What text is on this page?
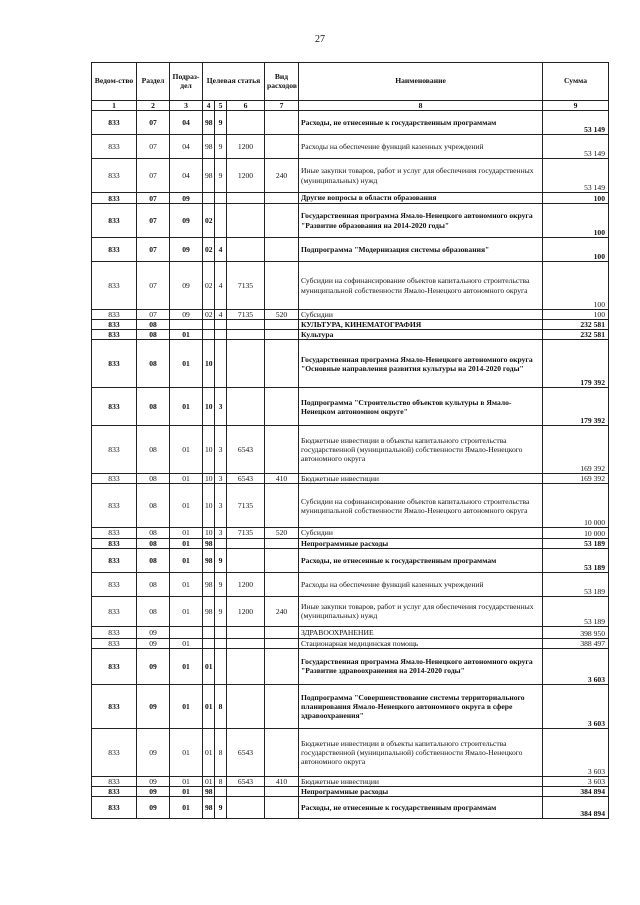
27
Ведом-ство	Раздел	Подраз-дел	Целевая статья			Вид расходов	Наименование	Сумма
1	2	3	4	5	6	7	8	9
833	07	04	98	9			Расходы, не отнесенные к государственным программам	53 149
833	07	04	98	9	1200		Расходы на обеспечение функций казенных учреждений	53 149
833	07	04	98	9	1200	240	Иные закупки товаров, работ и услуг для обеспечения государственных (муниципальных) нужд	53 149
833	07	09					Другие вопросы в области образования	100
833	07	09	02				Государственная программа Ямало-Ненецкого автономного округа "Развитие образования на 2014-2020 годы"	100
833	07	09	02	4			Подпрограмма "Модернизация системы образования"	100
833	07	09	02	4	7135		Субсидии на софинансирование объектов капитального строительства муниципальной собственности Ямало-Ненецкого автономного округа	100
833	07	09	02	4	7135	520	Субсидии	100
833	08						КУЛЬТУРА, КИНЕМАТОГРАФИЯ	232 581
833	08	01					Культура	232 581
833	08	01	10				Государственная программа Ямало-Ненецкого автономного округа "Основные направления развития культуры на 2014-2020 годы"	179 392
833	08	01	10	3			Подпрограмма "Строительство объектов культуры в Ямало-Ненецком автономном округе"	179 392
833	08	01	10	3	6543		Бюджетные инвестиции в объекты капитального строительства государственной (муниципальной) собственности Ямало-Ненецкого автономного округа	169 392
833	08	01	10	3	6543	410	Бюджетные инвестиции	169 392
833	08	01	10	3	7135		Субсидии на софинансирование объектов капитального строительства муниципальной собственности Ямало-Ненецкого автономного округа	10 000
833	08	01	10	3	7135	520	Субсидии	10 000
833	08	01	98				Непрограммные расходы	53 189
833	08	01	98	9			Расходы, не отнесенные к государственным программам	53 189
833	08	01	98	9	1200		Расходы на обеспечение функций казенных учреждений	53 189
833	08	01	98	9	1200	240	Иные закупки товаров, работ и услуг для обеспечения государственных (муниципальных) нужд	53 189
833	09						ЗДРАВООХРАНЕНИЕ	398 950
833	09	01					Стационарная медицинская помощь	388 497
833	09	01	01				Государственная программа Ямало-Ненецкого автономного округа "Развитие здравоохранения на 2014-2020 годы"	3 603
833	09	01	01	8			Подпрограмма "Совершенствование системы территориального планирования Ямало-Ненецкого автономного округа в сфере здравоохранения"	3 603
833	09	01	01	8	6543		Бюджетные инвестиции в объекты капитального строительства государственной (муниципальной) собственности Ямало-Ненецкого автономного округа	3 603
833	09	01	01	8	6543	410	Бюджетные инвестиции	3 603
833	09	01	98				Непрограммные расходы	384 894
833	09	01	98	9			Расходы, не отнесенные к государственным программам	384 894
